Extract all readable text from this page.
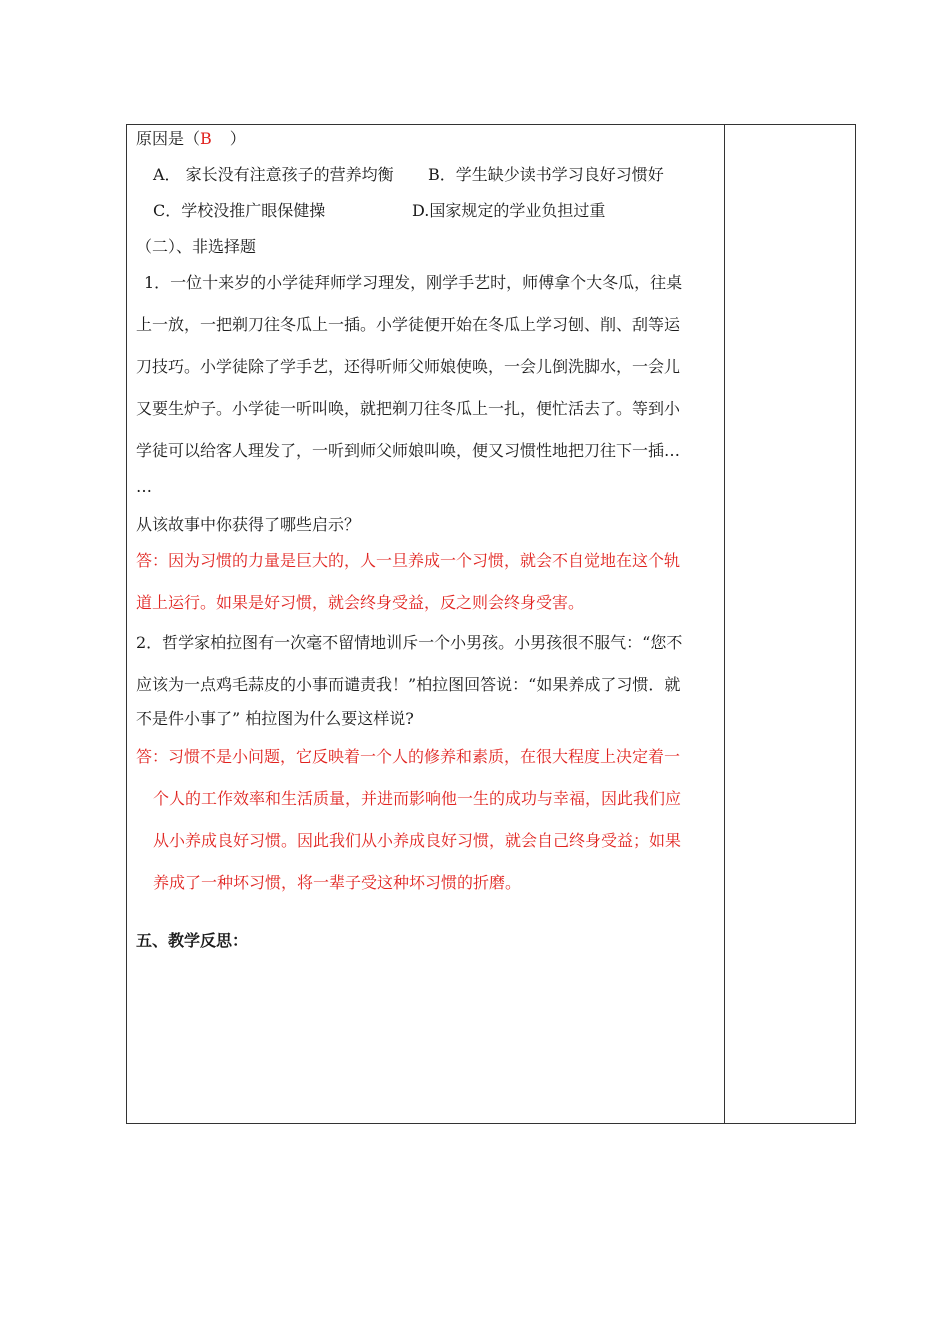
原因是（B ）
A． 家长没有注意孩子的营养均衡 B．学生缺少读书学习良好习惯好
C．学校没推广眼保健操	D.国家规定的学业负担过重
（二）、非选择题
1．一位十来岁的小学徒拜师学习理发，刚学手艺时，师傅拿个大冬瓜，往桌
上一放，一把剃刀往冬瓜上一插。小学徒便开始在冬瓜上学习刨、削、刮等运
刀技巧。小学徒除了学手艺，还得听师父师娘使唤，一会儿倒洗脚水，一会儿
又要生炉子。小学徒一听叫唤，就把剃刀往冬瓜上一扎，便忙活去了。等到小
学徒可以给客人理发了，一听到师父师娘叫唤，便又习惯性地把刀往下一插…
…
从该故事中你获得了哪些启示？
答：因为习惯的力量是巨大的，人一旦养成一个习惯，就会不自觉地在这个轨
道上运行。如果是好习惯，就会终身受益，反之则会终身受害。
2．哲学家柏拉图有一次毫不留情地训斥一个小男孩。小男孩很不服气：“您不
应该为一点鸡毛蒜皮的小事而谴责我！”柏拉图回答说：“如果养成了习惯．就
不是件小事了” 柏拉图为什么要这样说?
答：习惯不是小问题，它反映着一个人的修养和素质，在很大程度上决定着一
个人的工作效率和生活质量，并进而影响他一生的成功与幸福，因此我们应
从小养成良好习惯。因此我们从小养成良好习惯，就会自己终身受益；如果
养成了一种坏习惯，将一辈子受这种坏习惯的折磨。
五、教学反思：
